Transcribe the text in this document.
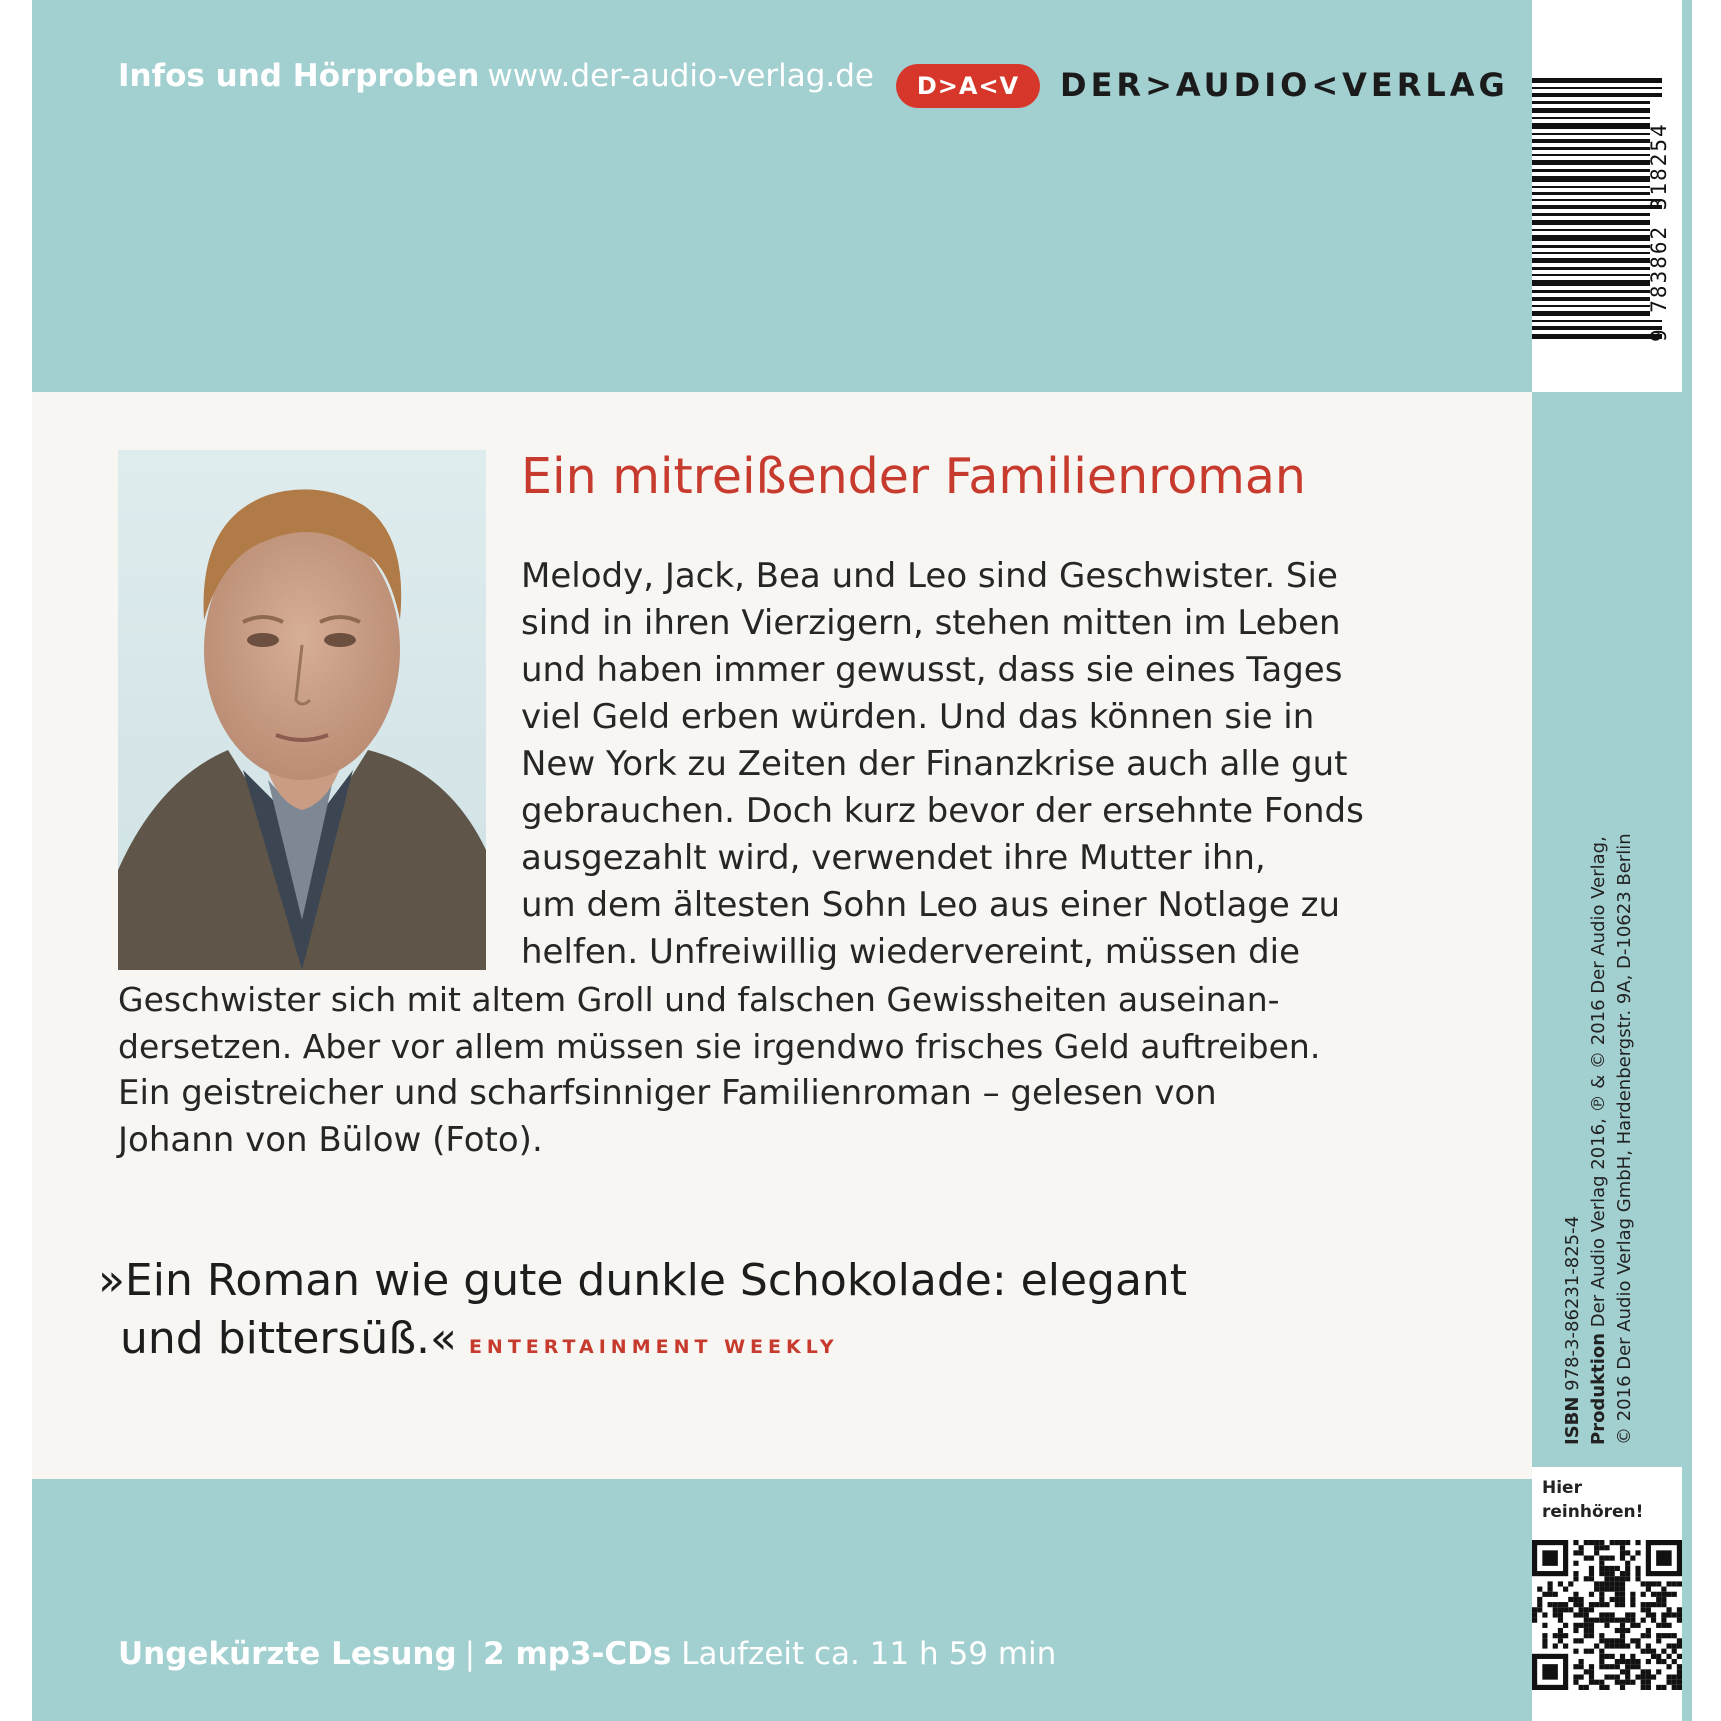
Infos und Hörproben www.der-audio-verlag.de	D>A<V	DER>AUDIO<VERLAG
9 783862 318254
Ein mitreißender Familienroman
Melody, Jack, Bea und Leo sind Geschwister. Sie
sind in ihren Vierzigern, stehen mitten im Leben
und haben immer gewusst, dass sie eines Tages
viel Geld erben würden. Und das können sie in
New York zu Zeiten der Finanzkrise auch alle gut
gebrauchen. Doch kurz bevor der ersehnte Fonds
ausgezahlt wird, verwendet ihre Mutter ihn,
um dem ältesten Sohn Leo aus einer Notlage zu
helfen. Unfreiwillig wiedervereint, müssen die
Geschwister sich mit altem Groll und falschen Gewissheiten auseinan-
dersetzen. Aber vor allem müssen sie irgendwo frisches Geld auftreiben.
Ein geistreicher und scharfsinniger Familienroman – gelesen von
Johann von Bülow (Foto).
»Ein Roman wie gute dunkle Schokolade: elegant
und bittersüß.« ENTERTAINMENT WEEKLY
Ungekürzte Lesung | 2 mp3-CDs Laufzeit ca. 11 h 59 min
ISBN 978-3-86231-825-4 Produktion Der Audio Verlag 2016, ℗ & © 2016 Der Audio Verlag, © 2016 Der Audio Verlag GmbH, Hardenbergstr. 9A, D-10623 Berlin
Hier
reinhören!
